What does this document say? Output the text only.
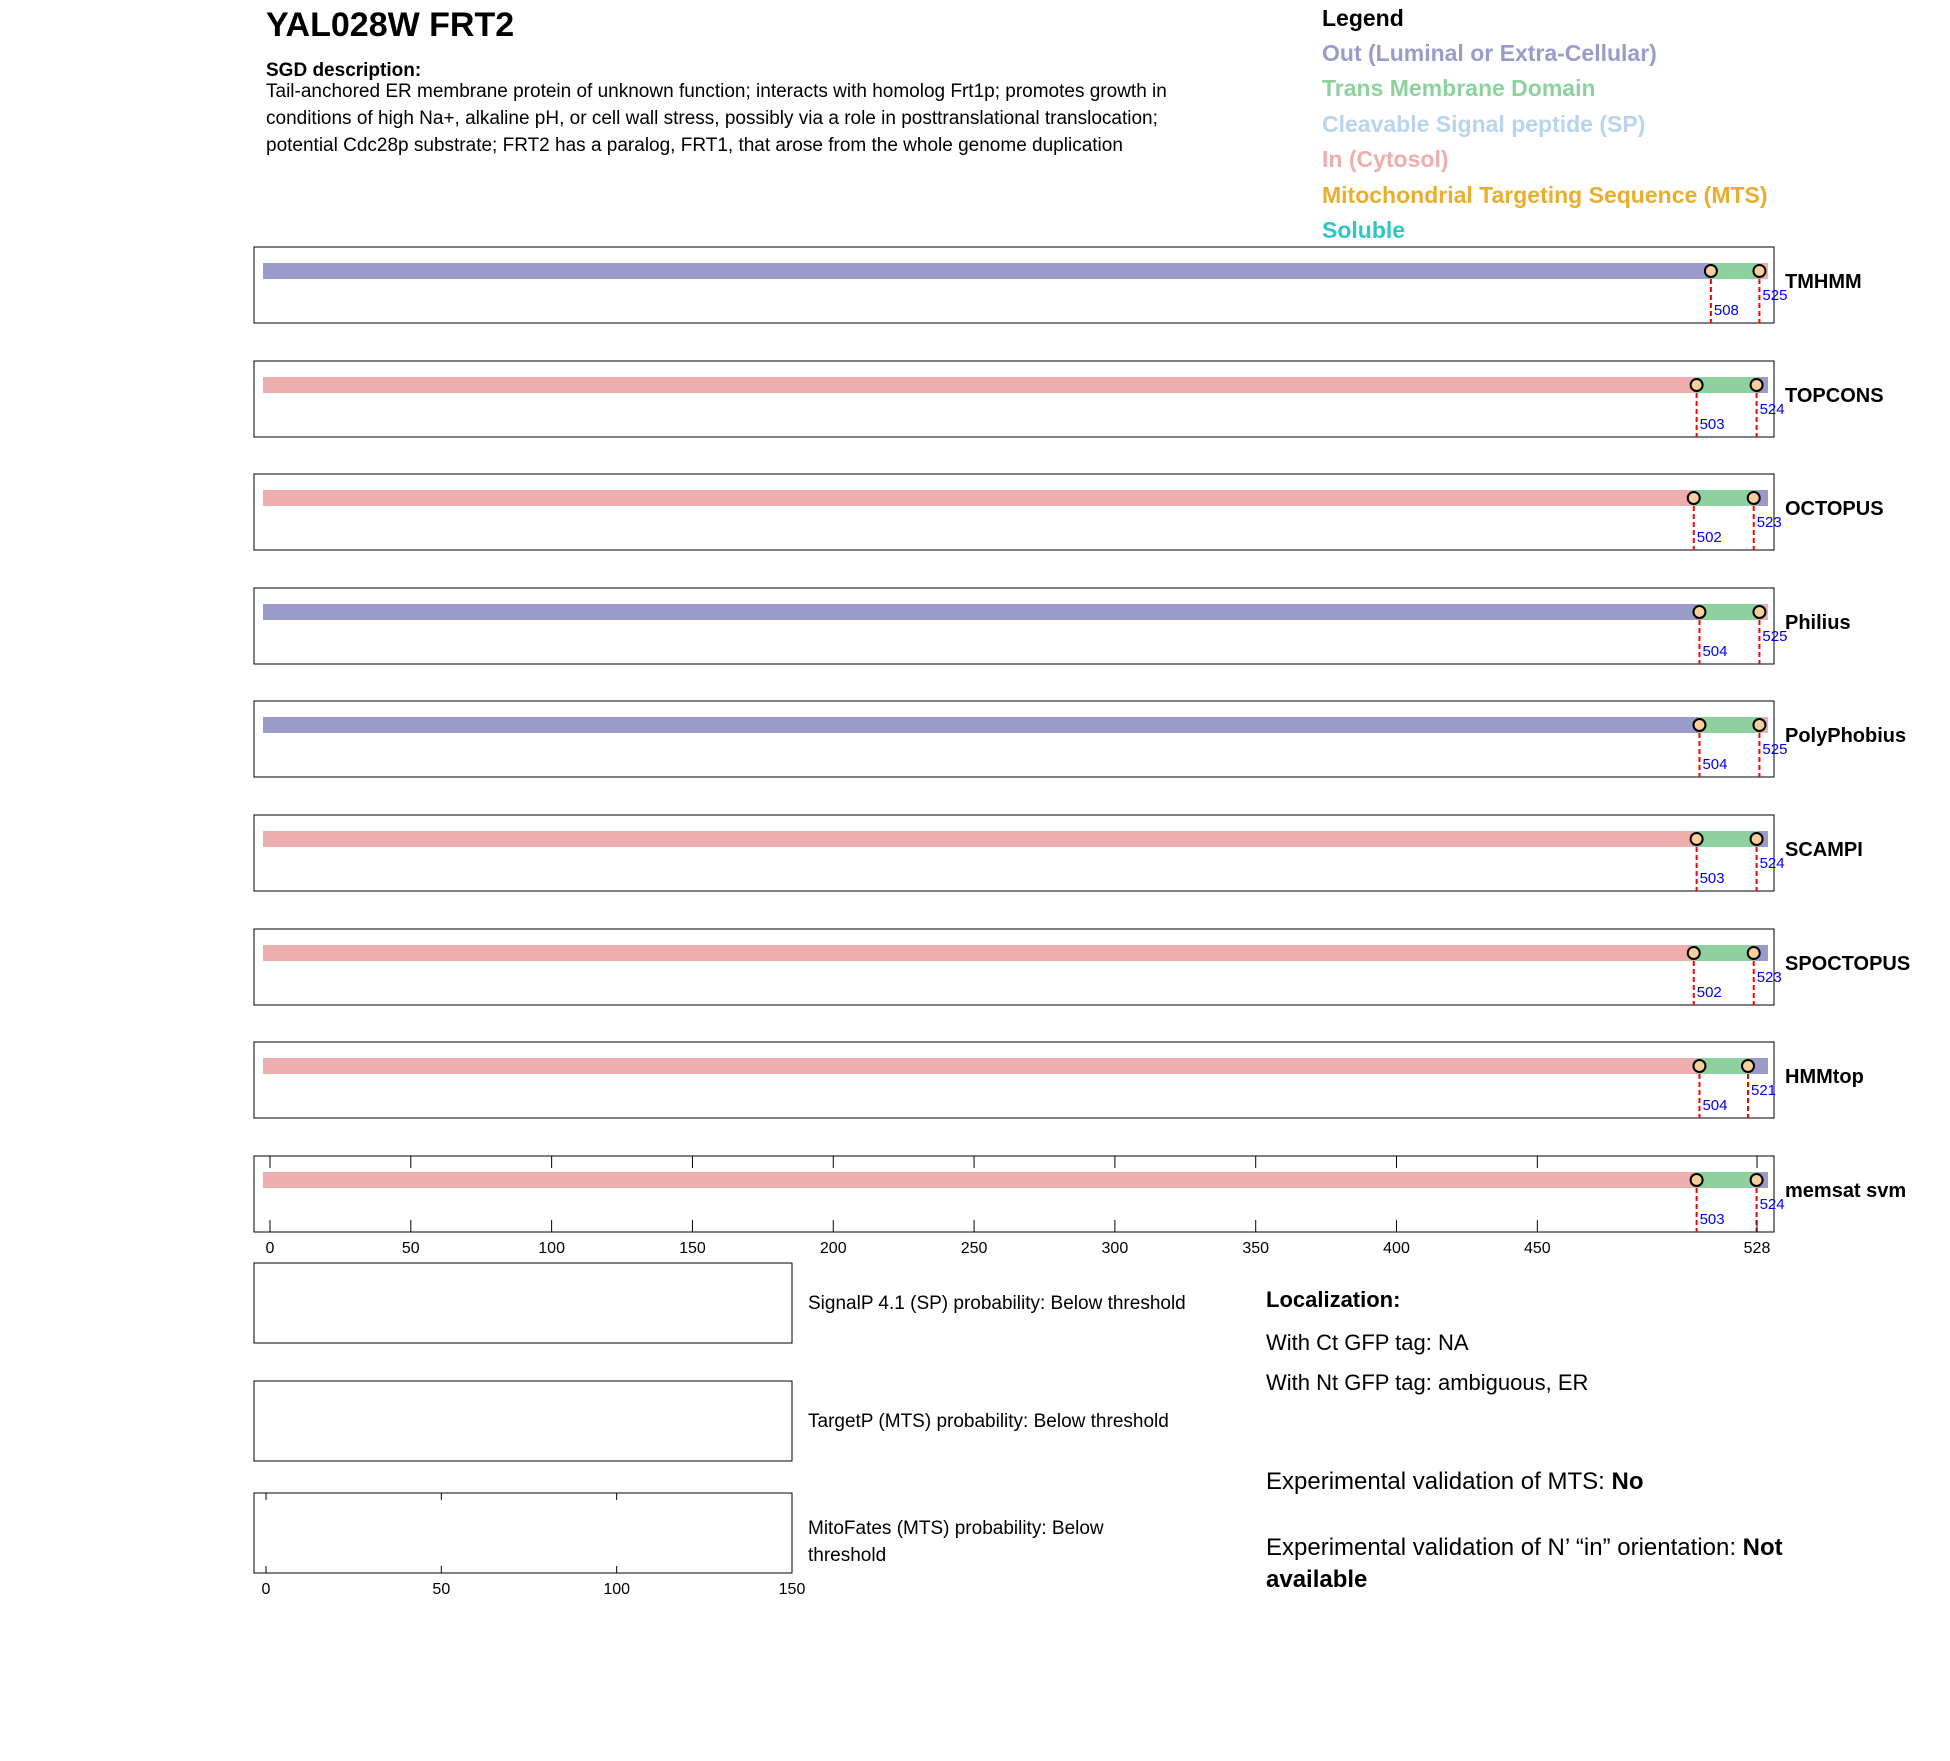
YAL028W FRT2
SGD description:
Tail-anchored ER membrane protein of unknown function; interacts with homolog Frt1p; promotes growth in
conditions of high Na+, alkaline pH, or cell wall stress, possibly via a role in posttranslational translocation;
potential Cdc28p substrate; FRT2 has a paralog, FRT1, that arose from the whole genome duplication
Legend
Out (Luminal or Extra-Cellular)
Trans Membrane Domain
Cleavable Signal peptide (SP)
In (Cytosol)
Mitochondrial Targeting Sequence (MTS)
Soluble
508
525
TMHMM
503
524
TOPCONS
502
523
OCTOPUS
504
525
Philius
504
525
PolyPhobius
503
524
SCAMPI
502
523
SPOCTOPUS
504
521
HMMtop
503
524
memsat svm
0	50	100	150	200	250	300	350	400	450	528
SignalP 4.1 (SP) probability: Below threshold
TargetP (MTS) probability: Below threshold
MitoFates (MTS) probability: Below
threshold
0	50	100	150
Localization:
With Ct GFP tag: NA
With Nt GFP tag: ambiguous, ER
Experimental validation of MTS: No
Experimental validation of N’ “in” orientation: Not
available
